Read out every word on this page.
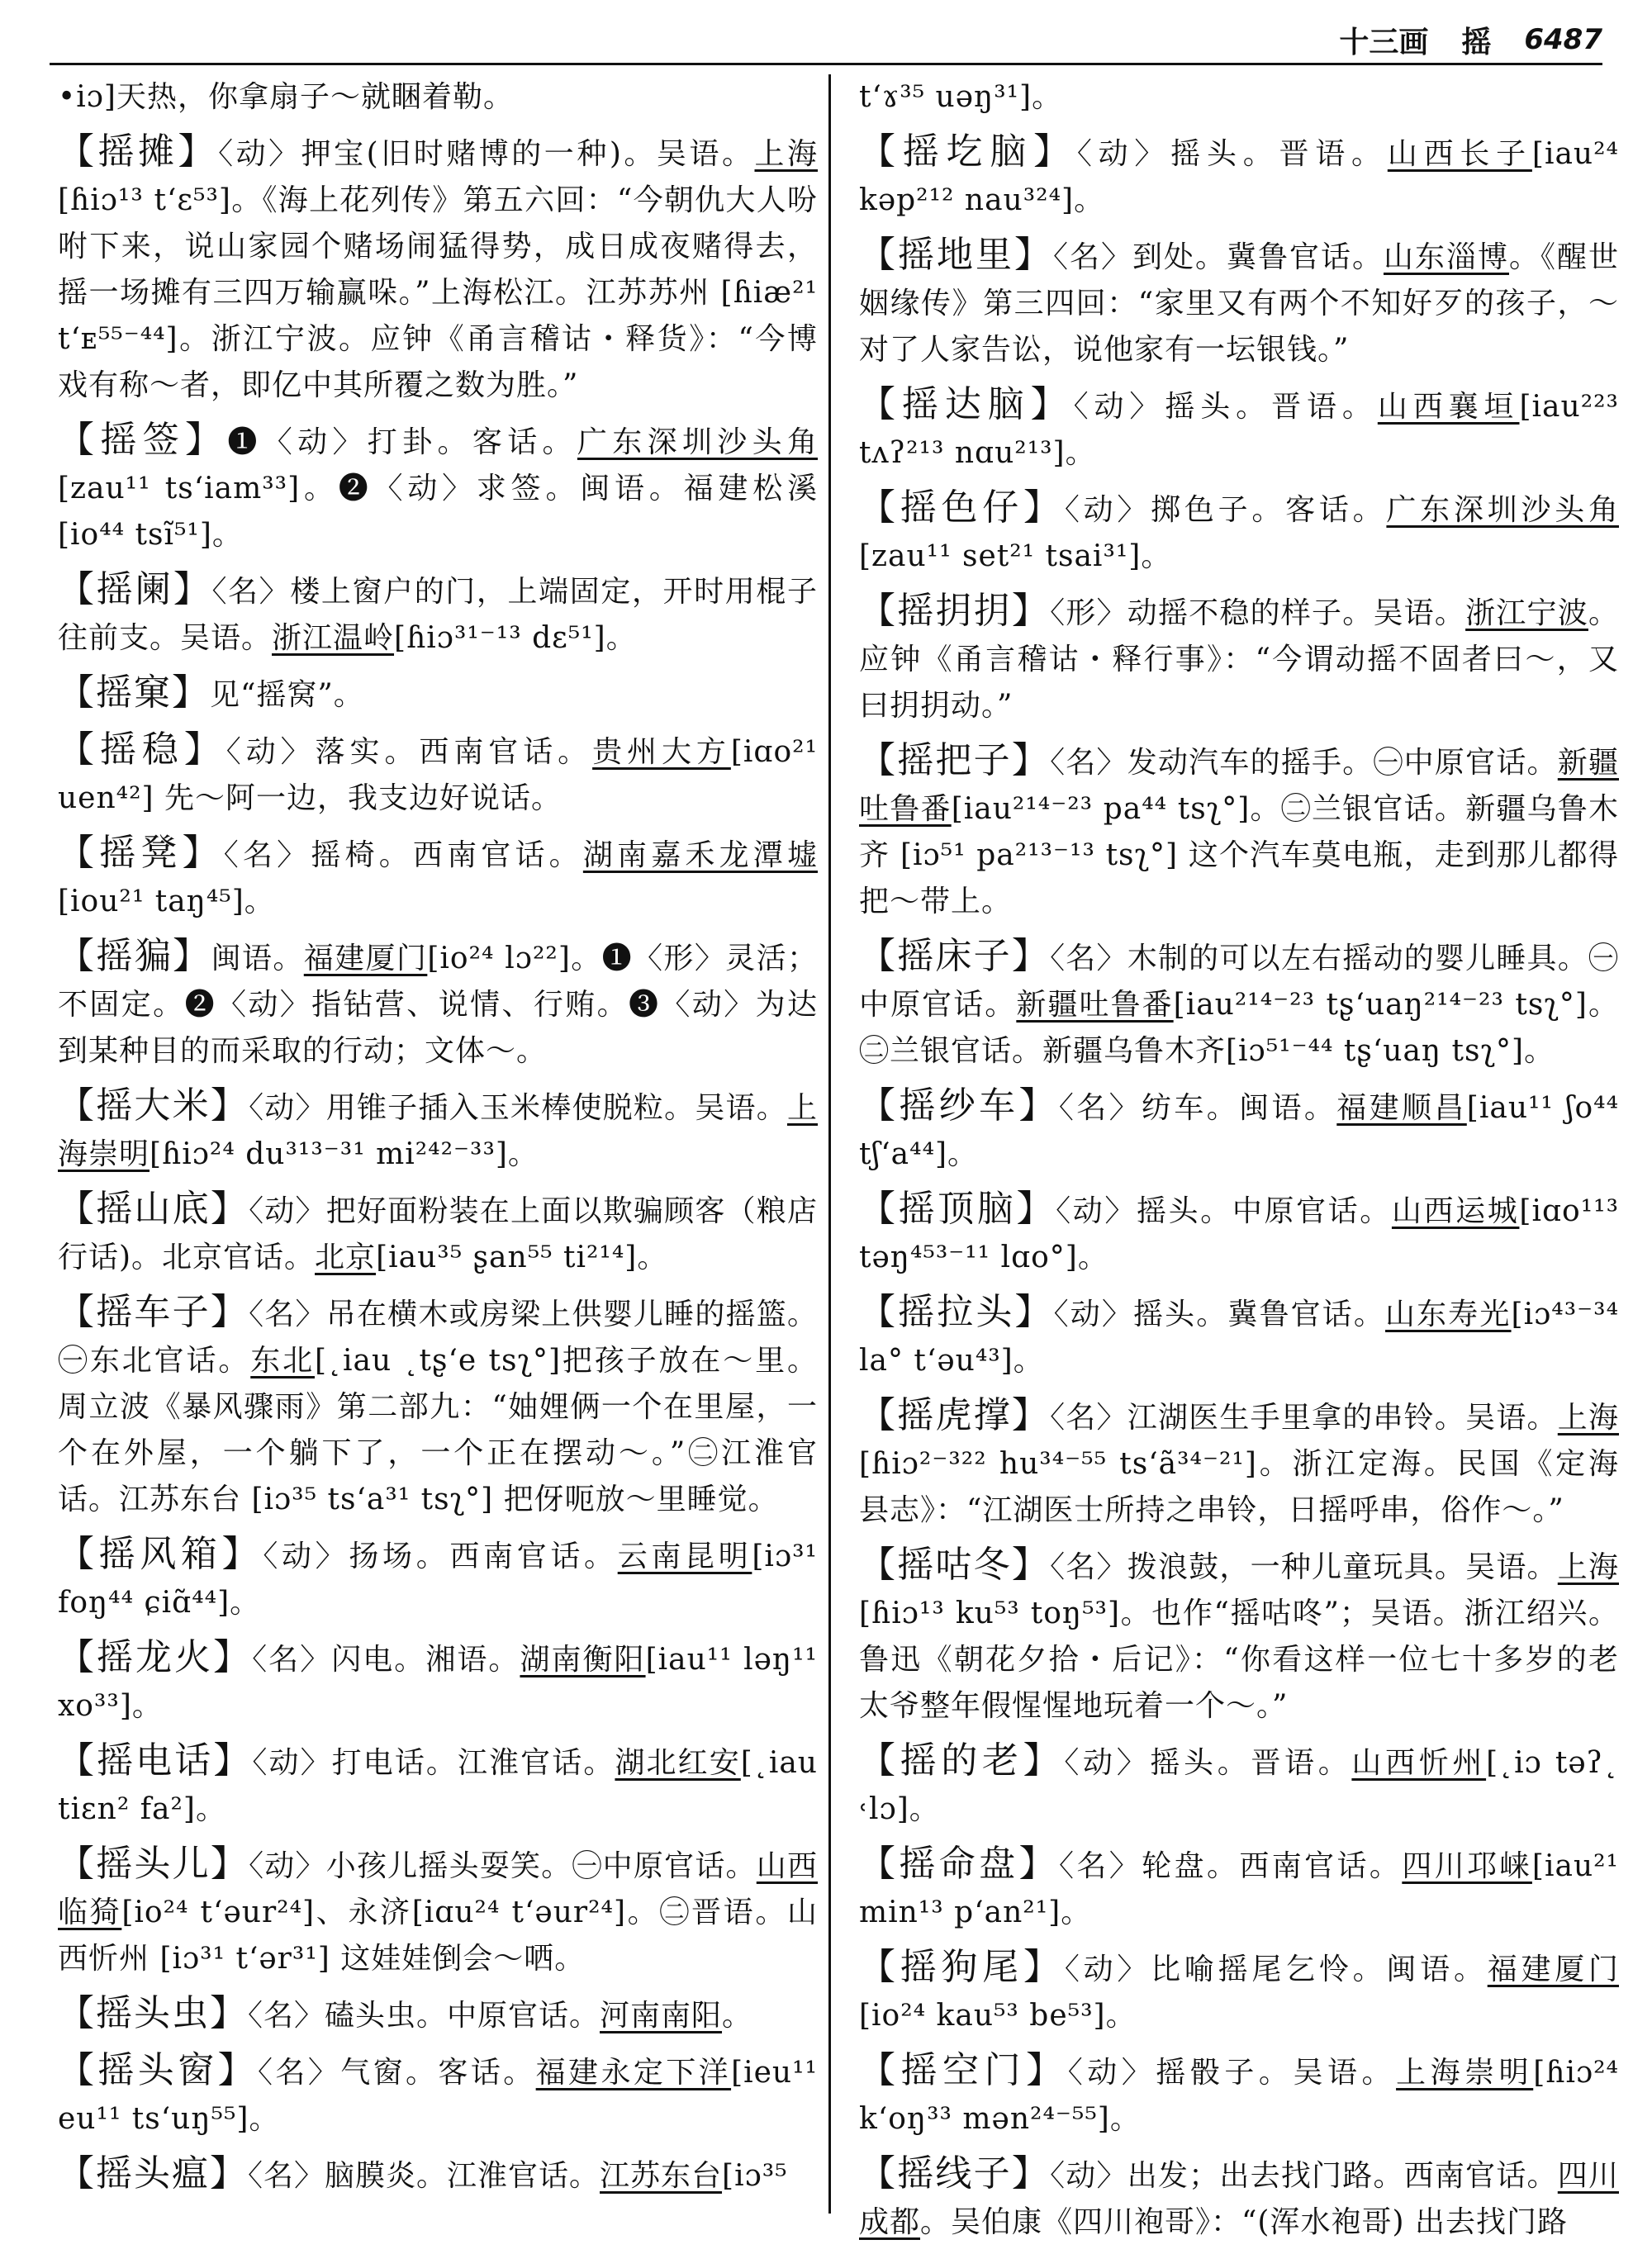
十三画 摇 6487

•iɔ]天热，你拿扇子～就睏着勒。

【摇摊】〈动〉押宝(旧时赌博的一种)。吴语。上海[ɦiɔ¹³ tʻɛ⁵³]。《海上花列传》第五六回：“今朝仇大人吩咐下来，说山家园个赌场闹猛得势，成日成夜赌得去，摇一场摊有三四万输赢哚。”上海松江。江苏苏州 [ɦiæ²¹ tʻᴇ⁵⁵⁻⁴⁴]。浙江宁波。应钟《甬言稽诂・释货》：“今博戏有称～者，即亿中其所覆之数为胜。”

【摇签】❶〈动〉打卦。客话。广东深圳沙头角[zau¹¹ tsʻiam³³]。❷〈动〉求签。闽语。福建松溪[io⁴⁴ tsĩ⁵¹]。

【摇阑】〈名〉楼上窗户的门，上端固定，开时用棍子往前支。吴语。浙江温岭[ɦiɔ³¹⁻¹³ dɛ⁵¹]。

【摇窠】见“摇窝”。

【摇稳】〈动〉落实。西南官话。贵州大方[iɑo²¹ uen⁴²] 先～阿一边，我支边好说话。

【摇凳】〈名〉摇椅。西南官话。湖南嘉禾龙潭墟[iou²¹ taŋ⁴⁵]。

【摇猵】闽语。福建厦门[io²⁴ lɔ²²]。❶〈形〉灵活；不固定。❷〈动〉指钻营、说情、行贿。❸〈动〉为达到某种目的而采取的行动；文体～。

【摇大米】〈动〉用锥子插入玉米棒使脱粒。吴语。上海崇明[ɦiɔ²⁴ du³¹³⁻³¹ mi²⁴²⁻³³]。

【摇山底】〈动〉把好面粉装在上面以欺骗顾客（粮店行话)。北京官话。北京[iau³⁵ ʂan⁵⁵ ti²¹⁴]。

【摇车子】〈名〉吊在横木或房梁上供婴儿睡的摇篮。㊀东北官话。东北[˛iau ˛tʂʻe tsʅ°]把孩子放在～里。周立波《暴风骤雨》第二部九：“妯娌俩一个在里屋，一个在外屋，一个躺下了，一个正在摆动～。”㊁江淮官话。江苏东台 [iɔ³⁵ tsʻa³¹ tsʅ°] 把伢呃放～里睡觉。

【摇风箱】〈动〉扬场。西南官话。云南昆明[iɔ³¹ foŋ⁴⁴ ɕiɑ̃⁴⁴]。

【摇龙火】〈名〉闪电。湘语。湖南衡阳[iau¹¹ ləŋ¹¹ xo³³]。

【摇电话】〈动〉打电话。江淮官话。湖北红安[˛iau tiɛn² fa²]。

【摇头儿】〈动〉小孩儿摇头耍笑。㊀中原官话。山西临猗[io²⁴ tʻəur²⁴]、永济[iɑu²⁴ tʻəur²⁴]。㊁晋语。山西忻州 [iɔ³¹ tʻər³¹] 这娃娃倒会～哂。

【摇头虫】〈名〉磕头虫。中原官话。河南南阳。

【摇头窗】〈名〉气窗。客话。福建永定下洋[ieu¹¹ eu¹¹ tsʻuŋ⁵⁵]。

【摇头瘟】〈名〉脑膜炎。江淮官话。江苏东台[iɔ³⁵

tʻɤ³⁵ uəŋ³¹]。

【摇圪脑】〈动〉摇头。晋语。山西长子[iau²⁴ kəp²¹² nau³²⁴]。

【摇地里】〈名〉到处。冀鲁官话。山东淄博。《醒世姻缘传》第三四回：“家里又有两个不知好歹的孩子，～对了人家告讼，说他家有一坛银钱。”

【摇达脑】〈动〉摇头。晋语。山西襄垣[iau²²³ tʌʔ²¹³ nɑu²¹³]。

【摇色仔】〈动〉掷色子。客话。广东深圳沙头角[zau¹¹ set²¹ tsai³¹]。

【摇抈抈】〈形〉动摇不稳的样子。吴语。浙江宁波。应钟《甬言稽诂・释行事》：“今谓动摇不固者曰～，又曰抈抈动。”

【摇把子】〈名〉发动汽车的摇手。㊀中原官话。新疆吐鲁番[iau²¹⁴⁻²³ pa⁴⁴ tsʅ°]。㊁兰银官话。新疆乌鲁木齐 [iɔ⁵¹ pa²¹³⁻¹³ tsʅ°] 这个汽车莫电瓶，走到那儿都得把～带上。

【摇床子】〈名〉木制的可以左右摇动的婴儿睡具。㊀中原官话。新疆吐鲁番[iau²¹⁴⁻²³ tʂʻuaŋ²¹⁴⁻²³ tsʅ°]。㊁兰银官话。新疆乌鲁木齐[iɔ⁵¹⁻⁴⁴ tʂʻuaŋ tsʅ°]。

【摇纱车】〈名〉纺车。闽语。福建顺昌[iau¹¹ ʃo⁴⁴ tʃʻa⁴⁴]。

【摇顶脑】〈动〉摇头。中原官话。山西运城[iɑo¹¹³ təŋ⁴⁵³⁻¹¹ lɑo°]。

【摇拉头】〈动〉摇头。冀鲁官话。山东寿光[iɔ⁴³⁻³⁴ la° tʻəu⁴³]。

【摇虎撑】〈名〉江湖医生手里拿的串铃。吴语。上海[ɦiɔ²⁻³²² hu³⁴⁻⁵⁵ tsʻã³⁴⁻²¹]。浙江定海。民国《定海县志》：“江湖医士所持之串铃，日摇呼串，俗作～。”

【摇咕冬】〈名〉拨浪鼓，一种儿童玩具。吴语。上海[ɦiɔ¹³ ku⁵³ toŋ⁵³]。也作“摇咕咚”；吴语。浙江绍兴。鲁迅《朝花夕拾・后记》：“你看这样一位七十多岁的老太爷整年假惺惺地玩着一个～。”

【摇的老】〈动〉摇头。晋语。山西忻州[˛iɔ təʔ˛ ˓lɔ]。

【摇命盘】〈名〉轮盘。西南官话。四川邛崃[iau²¹ min¹³ pʻan²¹]。

【摇狗尾】〈动〉比喻摇尾乞怜。闽语。福建厦门[io²⁴ kau⁵³ be⁵³]。

【摇空门】〈动〉摇骰子。吴语。上海崇明[ɦiɔ²⁴ kʻoŋ³³ mən²⁴⁻⁵⁵]。

【摇线子】〈动〉出发；出去找门路。西南官话。四川成都。吴伯康《四川袍哥》：“(浑水袍哥) 出去找门路
